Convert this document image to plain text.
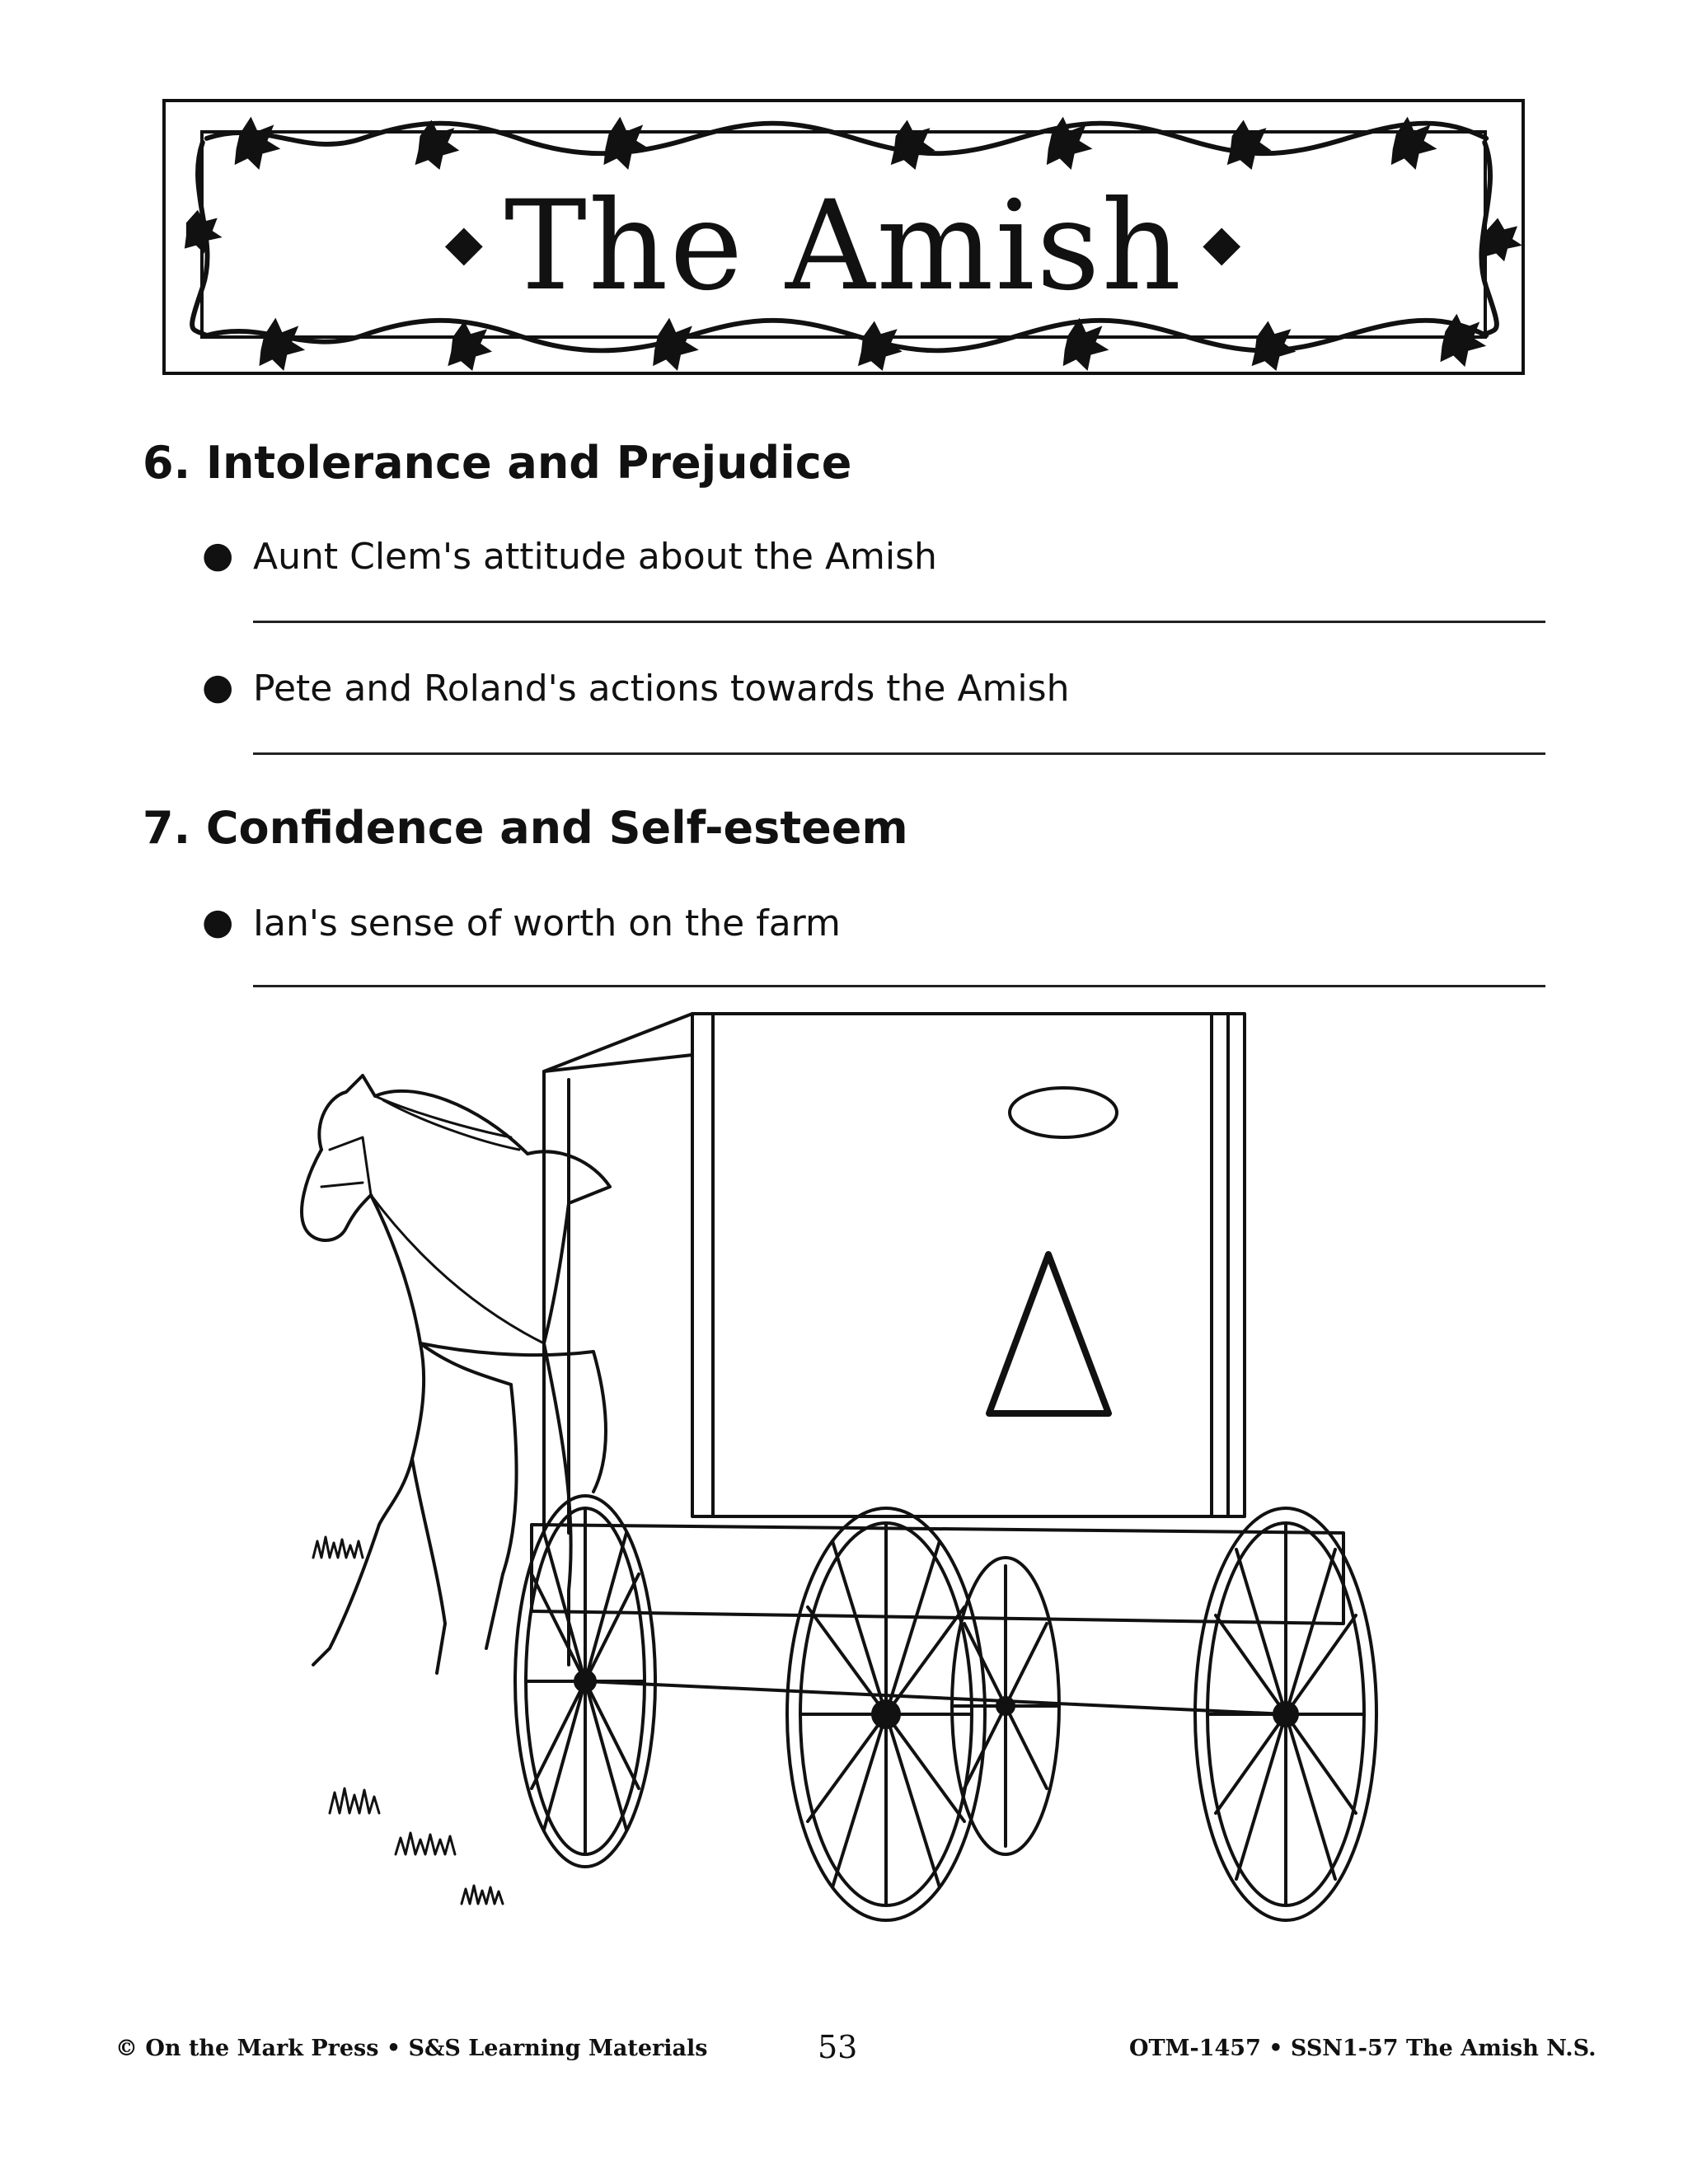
◆ The Amish ◆
6. Intolerance and Prejudice
● Aunt Clem's attitude about the Amish
● Pete and Roland's actions towards the Amish
7. Confidence and Self-esteem
● Ian's sense of worth on the farm
© On the Mark Press • S&S Learning Materials	53	OTM-1457 • SSN1-57 The Amish N.S.
